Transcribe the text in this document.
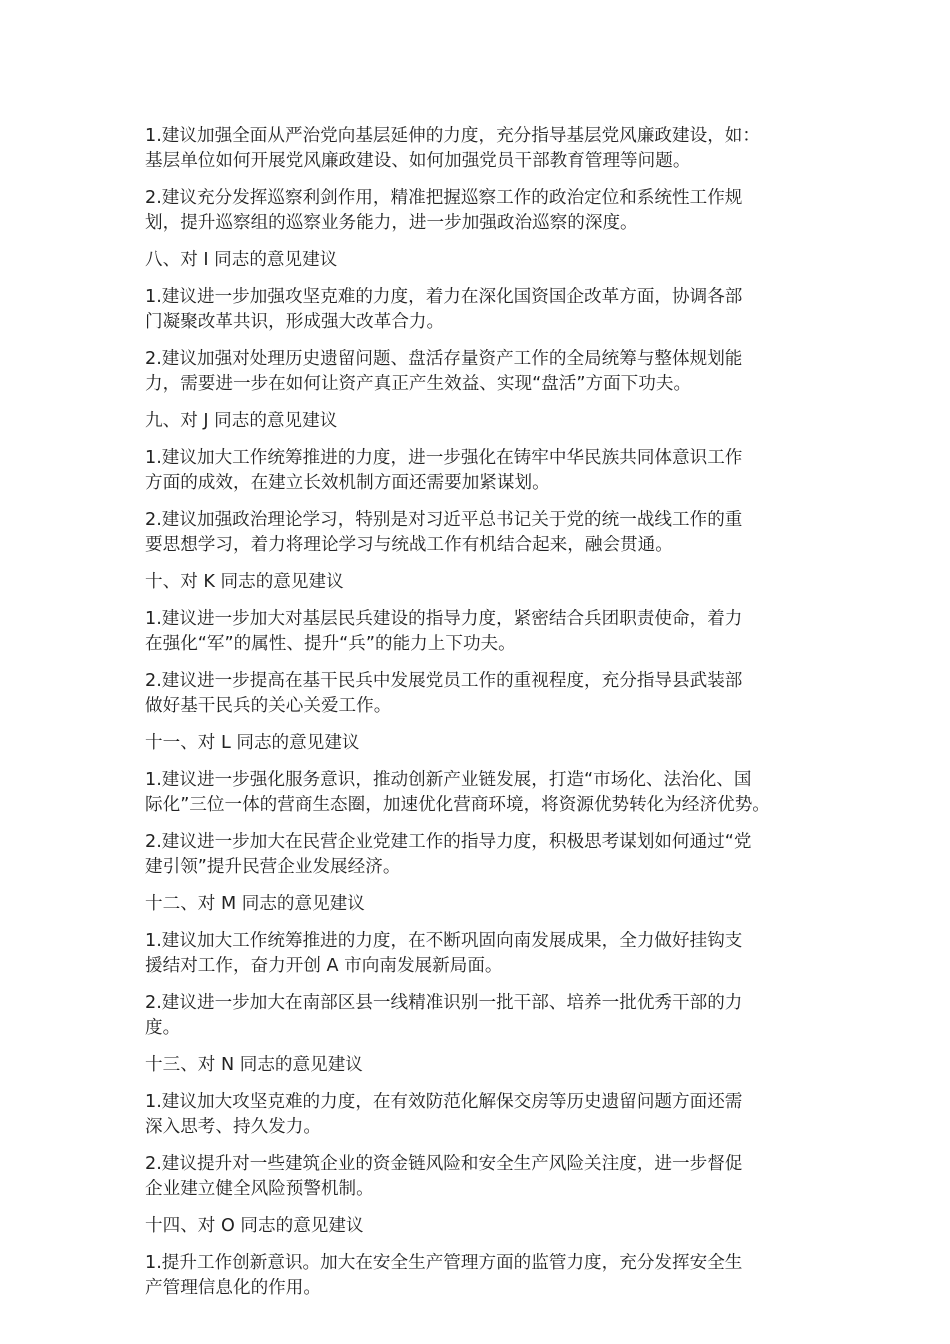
1.建议加强全面从严治党向基层延伸的力度，充分指导基层党风廉政建设，如：

基层单位如何开展党风廉政建设、如何加强党员干部教育管理等问题。

2.建议充分发挥巡察利剑作用，精准把握巡察工作的政治定位和系统性工作规

划，提升巡察组的巡察业务能力，进一步加强政治巡察的深度。

八、对 I 同志的意见建议

1.建议进一步加强攻坚克难的力度，着力在深化国资国企改革方面，协调各部

门凝聚改革共识，形成强大改革合力。

2.建议加强对处理历史遗留问题、盘活存量资产工作的全局统筹与整体规划能

力，需要进一步在如何让资产真正产生效益、实现“盘活”方面下功夫。

九、对 J 同志的意见建议

1.建议加大工作统筹推进的力度，进一步强化在铸牢中华民族共同体意识工作

方面的成效，在建立长效机制方面还需要加紧谋划。

2.建议加强政治理论学习，特别是对习近平总书记关于党的统一战线工作的重

要思想学习，着力将理论学习与统战工作有机结合起来，融会贯通。

十、对 K 同志的意见建议

1.建议进一步加大对基层民兵建设的指导力度，紧密结合兵团职责使命，着力

在强化“军”的属性、提升“兵”的能力上下功夫。

2.建议进一步提高在基干民兵中发展党员工作的重视程度，充分指导县武装部

做好基干民兵的关心关爱工作。

十一、对 L 同志的意见建议

1.建议进一步强化服务意识，推动创新产业链发展，打造“市场化、法治化、国

际化”三位一体的营商生态圈，加速优化营商环境，将资源优势转化为经济优势。

2.建议进一步加大在民营企业党建工作的指导力度，积极思考谋划如何通过“党

建引领”提升民营企业发展经济。

十二、对 M 同志的意见建议

1.建议加大工作统筹推进的力度，在不断巩固向南发展成果，全力做好挂钩支

援结对工作，奋力开创 A 市向南发展新局面。

2.建议进一步加大在南部区县一线精准识别一批干部、培养一批优秀干部的力

度。

十三、对 N 同志的意见建议

1.建议加大攻坚克难的力度，在有效防范化解保交房等历史遗留问题方面还需

深入思考、持久发力。

2.建议提升对一些建筑企业的资金链风险和安全生产风险关注度，进一步督促

企业建立健全风险预警机制。

十四、对 O 同志的意见建议

1.提升工作创新意识。加大在安全生产管理方面的监管力度，充分发挥安全生

产管理信息化的作用。
